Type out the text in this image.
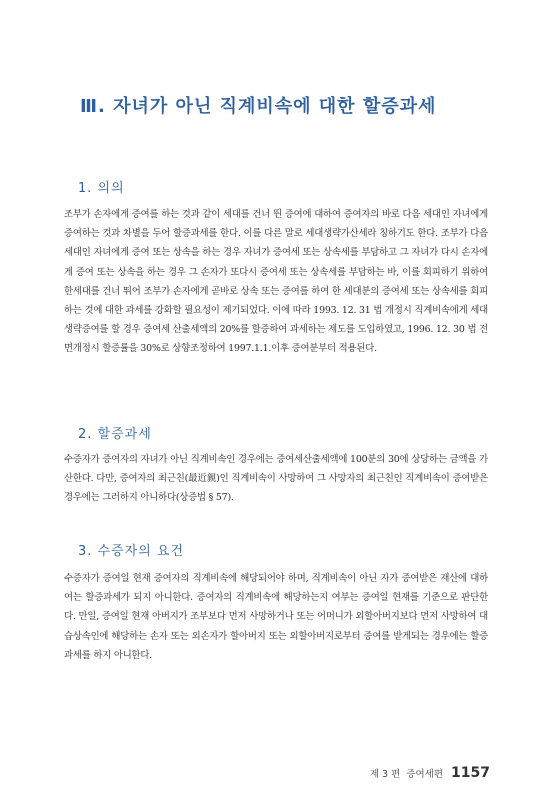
Ⅲ. 자녀가 아닌 직계비속에 대한 할증과세
1. 의의

조부가 손자에게 증여를 하는 것과 같이 세대를 건너 뛴 증여에 대하여 증여자의 바로 다음 세대인 자녀에게 증여하는 것과 차별을 두어 할증과세를 한다. 이를 다른 말로 세대생략가산세라 칭하기도 한다. 조부가 다음 세대인 자녀에게 증여 또는 상속을 하는 경우 자녀가 증여세 또는 상속세를 부담하고 그 자녀가 다시 손자에게 증여 또는 상속을 하는 경우 그 손자가 또다시 증여세 또는 상속세를 부담하는 바, 이를 회피하기 위하여 한세대를 건너 뛰어 조부가 손자에게 곧바로 상속 또는 증여를 하여 한 세대분의 증여세 또는 상속세를 회피하는 것에 대한 과세를 강화할 필요성이 제기되었다. 이에 따라 1993. 12. 31 법 개정시 직계비속에게 세대생략증여를 할 경우 증여세 산출세액의 20%를 할증하여 과세하는 제도를 도입하였고, 1996. 12. 30 법 전면개정시 할증률을 30%로 상향조정하여 1997.1.1.이후 증여분부터 적용된다.

2. 할증과세

수증자가 증여자의 자녀가 아닌 직계비속인 경우에는 증여세산출세액에 100분의 30에 상당하는 금액을 가산한다. 다만, 증여자의 최근친(最近親)인 직계비속이 사망하여 그 사망자의 최근친인 직계비속이 증여받은 경우에는 그러하지 아니하다(상증법 § 57).

3. 수증자의 요건

수증자가 증여일 현재 증여자의 직계비속에 해당되어야 하며, 직계비속이 아닌 자가 증여받은 재산에 대하여는 할증과세가 되지 아니한다. 증여자의 직계비속에 해당하는지 여부는 증여일 현재를 기준으로 판단한다. 만일, 증여일 현재 아버지가 조부보다 먼저 사망하거나 또는 어머니가 외할아버지보다 먼저 사망하여 대습상속인에 해당하는 손자 또는 외손자가 할아버지 또는 외할아버지로부터 증여를 받게되는 경우에는 할증과세를 하지 아니한다.

제 3 편 증여세편 1157
